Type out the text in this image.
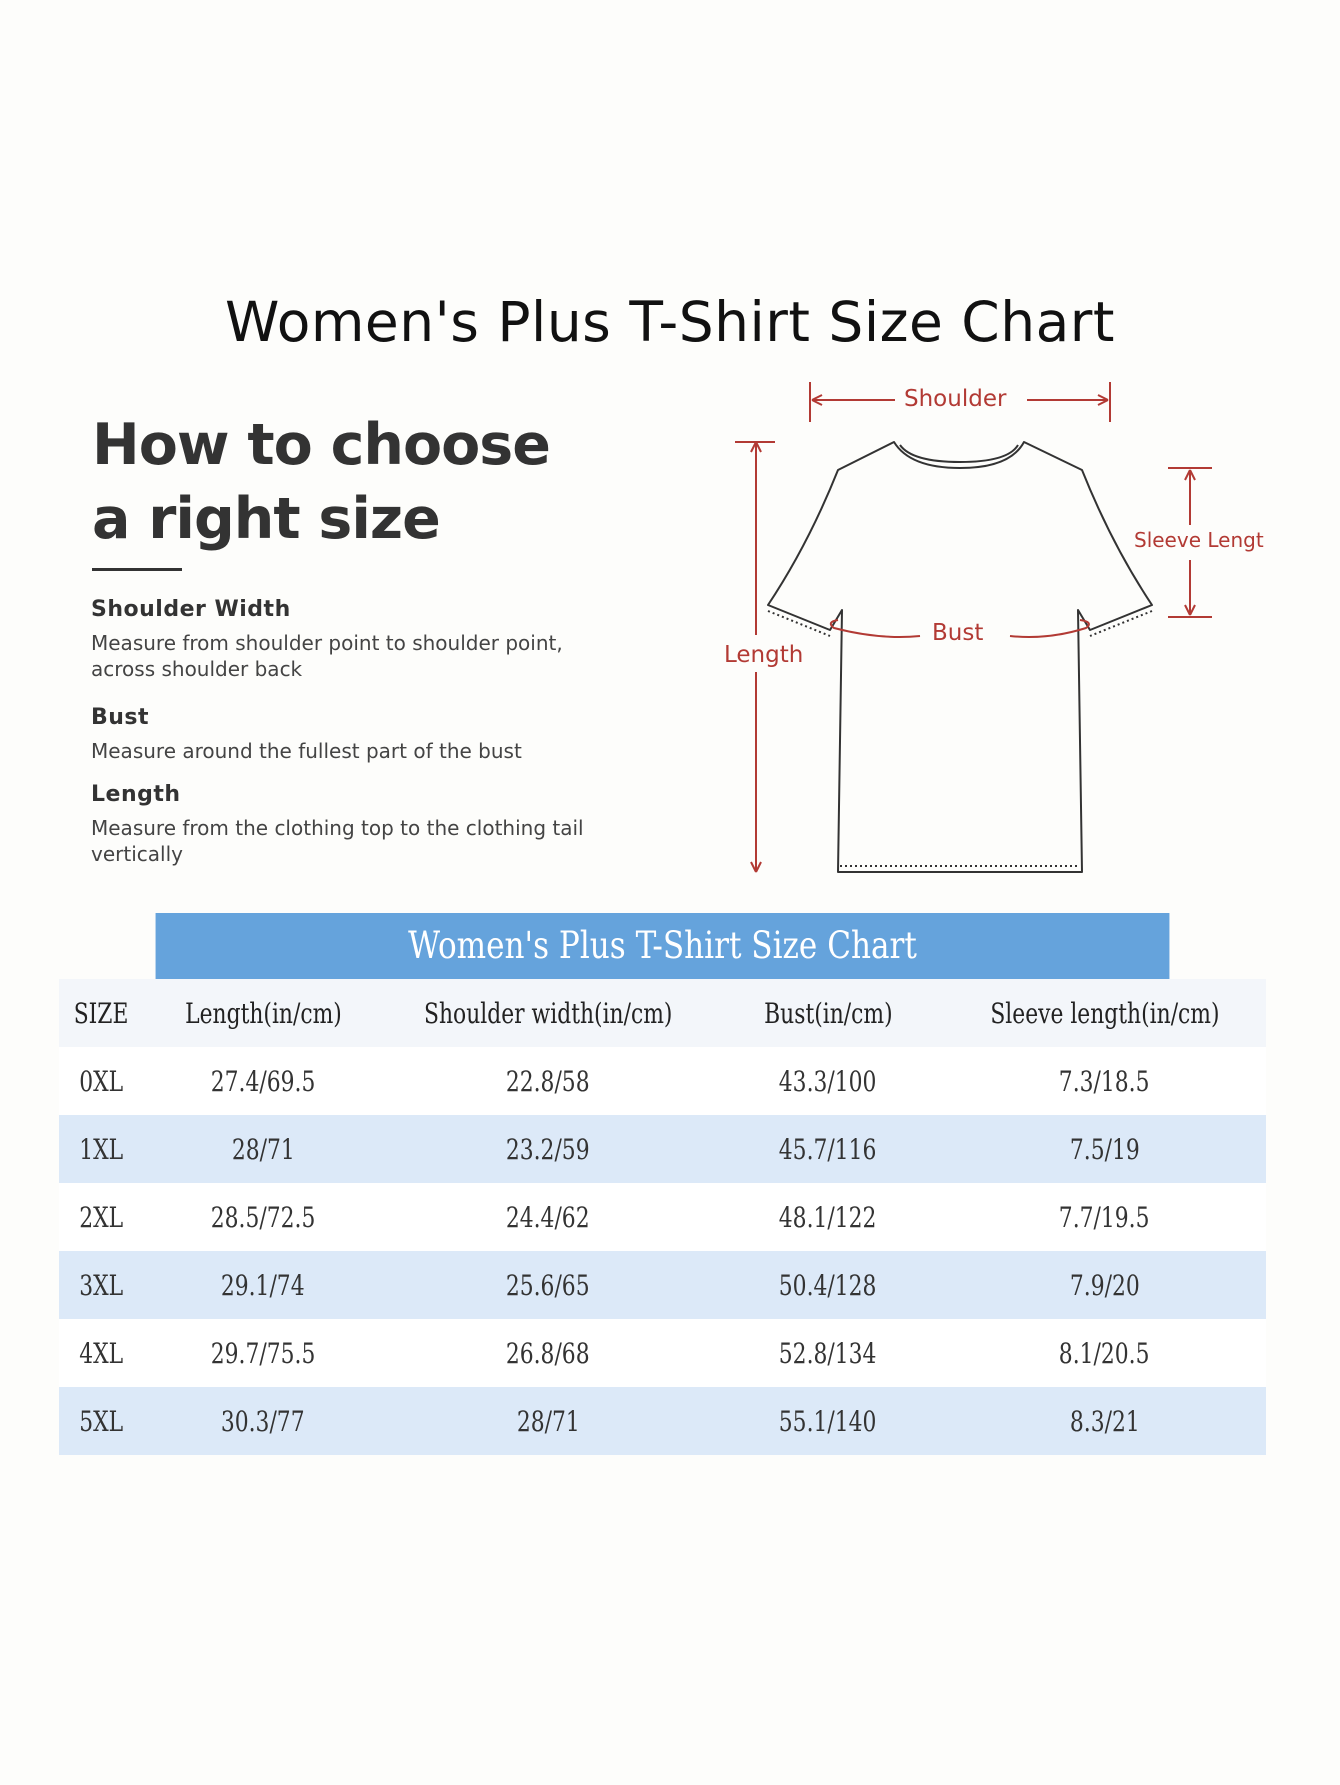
Women's Plus T-Shirt Size Chart
How to choose
a right size

Shoulder Width

Measure from shoulder point to shoulder point, across shoulder back

Bust

Measure around the fullest part of the bust

Length

Measure from the clothing top to the clothing tail vertically

Shoulder
Bust
Length
Sleeve Lengt
Women's Plus T-Shirt Size Chart
SIZE	Length(in/cm)	Shoulder width(in/cm)	Bust(in/cm)	Sleeve length(in/cm)
0XL	27.4/69.5	22.8/58	43.3/100	7.3/18.5
1XL	28/71	23.2/59	45.7/116	7.5/19
2XL	28.5/72.5	24.4/62	48.1/122	7.7/19.5
3XL	29.1/74	25.6/65	50.4/128	7.9/20
4XL	29.7/75.5	26.8/68	52.8/134	8.1/20.5
5XL	30.3/77	28/71	55.1/140	8.3/21
